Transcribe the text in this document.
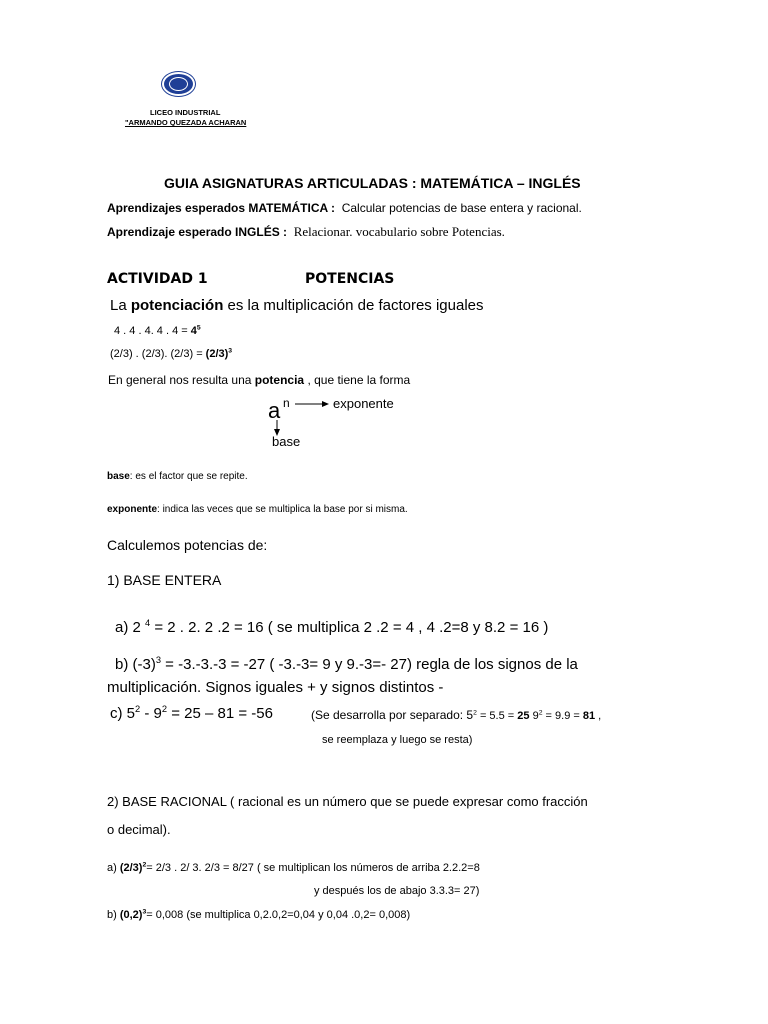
LICEO INDUSTRIAL
"ARMANDO QUEZADA ACHARAN
GUIA ASIGNATURAS ARTICULADAS : MATEMÁTICA – INGLÉS
Aprendizajes esperados MATEMÁTICA : Calcular potencias de base entera y racional.
Aprendizaje esperado INGLÉS : Relacionar. vocabulario sobre Potencias.
ACTIVIDAD 1	POTENCIAS
La potenciación es la multiplicación de factores iguales
4 . 4 . 4. 4 . $4 = 4^5$
(2/3) . (2/3). $(2/3) = (2/3)^3$
En general nos resulta una potencia , que tiene la forma
a n	exponente
base
base: es el factor que se repite.
exponente: indica las veces que se multiplica la base por si misma.
Calculemos potencias de:
1) BASE ENTERA
a) 2 $^4$ = 2 . 2. 2 .2 = 16 ( se multiplica 2 .2 = 4 , 4 .2=8 y 8.2 = 16 )
b) $(-3)^3 = -3.-3.-3 = -27$ ( -3.-3= 9 y 9.-3=- 27) regla de los signos de la
multiplicación. Signos iguales + y signos distintos -
c) $5^2 - 9^2 = 25 - 81 = -56$	(Se desarrolla por separado: $5^2 = 5.5 = 25$ $9^2 = 9.9 = 81$ ,
se reemplaza y luego se resta)
2) BASE RACIONAL ( racional es un número que se puede expresar como fracción
o decimal).
a) $(2/3)^2= 2/3$ . 2/ 3. 2/3 = 8/27 ( se multiplican los números de arriba 2.2.2=8
y después los de abajo 3.3.3= 27)
b) $(0,2)^3= 0,008$ (se multiplica 0,2.0,2=0,04 y 0,04 .0,2= 0,008)
